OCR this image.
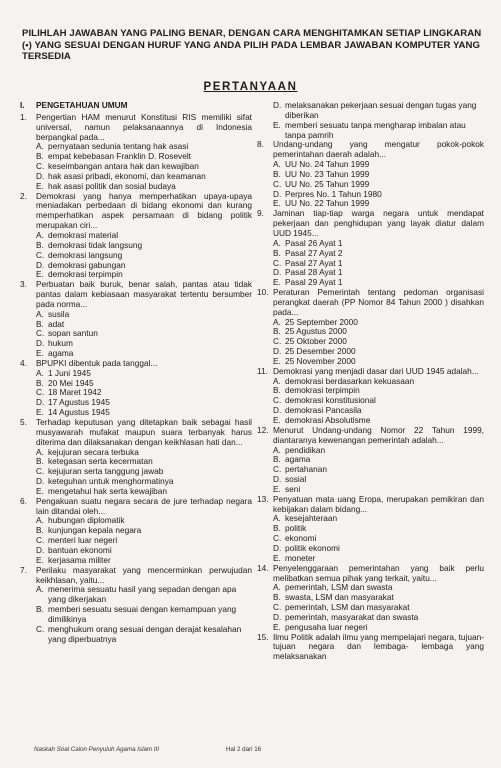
PILIHLAH JAWABAN YANG PALING BENAR, DENGAN CARA MENGHITAMKAN SETIAP LINGKARAN (•) YANG SESUAI DENGAN HURUF YANG ANDA PILIH PADA LEMBAR JAWABAN KOMPUTER YANG TERSEDIA
PERTANYAAN
I.	PENGETAHUAN UMUM
1.	Pengertian HAM menurut Konstitusi RIS memiliki sifat universal, namun pelaksanaannya di Indonesia berpangkal pada...
A. pernyataan sedunia tentang hak asasi
B. empat kebebasan Franklin D. Rosevelt
C. keseimbangan antara hak dan kewajiban
D. hak asasi pribadi, ekonomi, dan keamanan
E. hak asasi politik dan sosial budaya
2.	Demokrasi yang hanya memperhatikan upaya-upaya meniadakan perbedaan di bidang ekonomi dan kurang memperhatikan aspek persamaan di bidang politik merupakan ciri...
A. demokrasi material
B. demokrasi tidak langsung
C. demokrasi langsung
D. demokrasi gabungan
E. demokrasi terpimpin
3.	Perbuatan baik buruk, benar salah, pantas atau tidak pantas dalam kebiasaan masyarakat tertentu bersumber pada norma...
A. susila
B. adat
C. sopan santun
D. hukum
E. agama
4.	BPUPKI dibentuk pada tanggal...
A. 1 Juni 1945
B. 20 Mei 1945
C. 18 Maret 1942
D. 17 Agustus 1945
E. 14 Agustus 1945
5.	Terhadap keputusan yang ditetapkan baik sebagai hasil musyawarah mufakat maupun suara terbanyak harus diterima dan dilaksanakan dengan keikhlasan hati dan...
A. kejujuran secara terbuka
B. ketegasan serta kecermatan
C. kejujuran serta tanggung jawab
D. keteguhan untuk menghormatinya
E. mengetahui hak serta kewajiban
6.	Pengakuan suatu negara secara de jure terhadap negara lain ditandai oleh...
A. hubungan diplomatik
B. kunjungan kepala negara
C. menteri luar negeri
D. bantuan ekonomi
E. kerjasama militer
7.	Perilaku masyarakat yang mencerminkan perwujudan keikhlasan, yaitu...
A. menerima sesuatu hasil yang sepadan dengan apa yang dikerjakan
B. memberi sesuatu sesuai dengan kemampuan yang dimilikinya
C. menghukum orang sesuai dengan derajat kesalahan yang diperbuatnya
D. melaksanakan pekerjaan sesuai dengan tugas yang diberikan
E. memberi sesuatu tanpa mengharap imbalan atau tanpa pamrih
8.	Undang-undang yang mengatur pokok-pokok pemerintahan daerah adalah...
A. UU No. 24 Tahun 1999
B. UU No. 23 Tahun 1999
C. UU No. 25 Tahun 1999
D. Perpres No. 1 Tahun 1980
E. UU No. 22 Tahun 1999
9.	Jaminan tiap-tiap warga negara untuk mendapat pekerjaan dan penghidupan yang layak diatur dalam UUD 1945...
A. Pasal 26 Ayat 1
B. Pasal 27 Ayat 2
C. Pasal 27 Ayat 1
D. Pasal 28 Ayat 1
E. Pasal 29 Ayat 1
10. Peraturan Pemerintah tentang pedoman organisasi perangkat daerah (PP Nomor 84 Tahun 2000 ) disahkan pada...
A. 25 September 2000
B. 25 Agustus 2000
C. 25 Oktober 2000
D. 25 Desember 2000
E. 25 November 2000
11. Demokrasi yang menjadi dasar dari UUD 1945 adalah...
A. demokrasi berdasarkan kekuasaan
B. demokrasi terpimpin
C. demokrasi konstitusional
D. demokrasi Pancasila
E. demokrasi Absolutisme
12. Menurut Undang-undang Nomor 22 Tahun 1999, diantaranya kewenangan pemerintah adalah...
A. pendidikan
B. agama
C. pertahanan
D. sosial
E. seni
13. Penyatuan mata uang Eropa, merupakan pemikiran dan kebijakan dalam bidang...
A. kesejahteraan
B. politik
C. ekonomi
D. politik ekonomi
E. moneter
14. Penyelenggaraan pemerintahan yang baik perlu melibatkan semua pihak yang terkait, yaitu...
A. pemerintah, LSM dan swasta
B. swasta, LSM dan masyarakat
C. pemerintah, LSM dan masyarakat
D. pemerintah, masyarakat dan swasta
E. pengusaha luar negeri
15. Ilmu Politik adalah ilmu yang mempelajari negara, tujuan-tujuan negara dan lembaga- lembaga yang melaksanakan
Naskah Soal Calon Penyuluh Agama Islam III	Hal 2 dari 16
